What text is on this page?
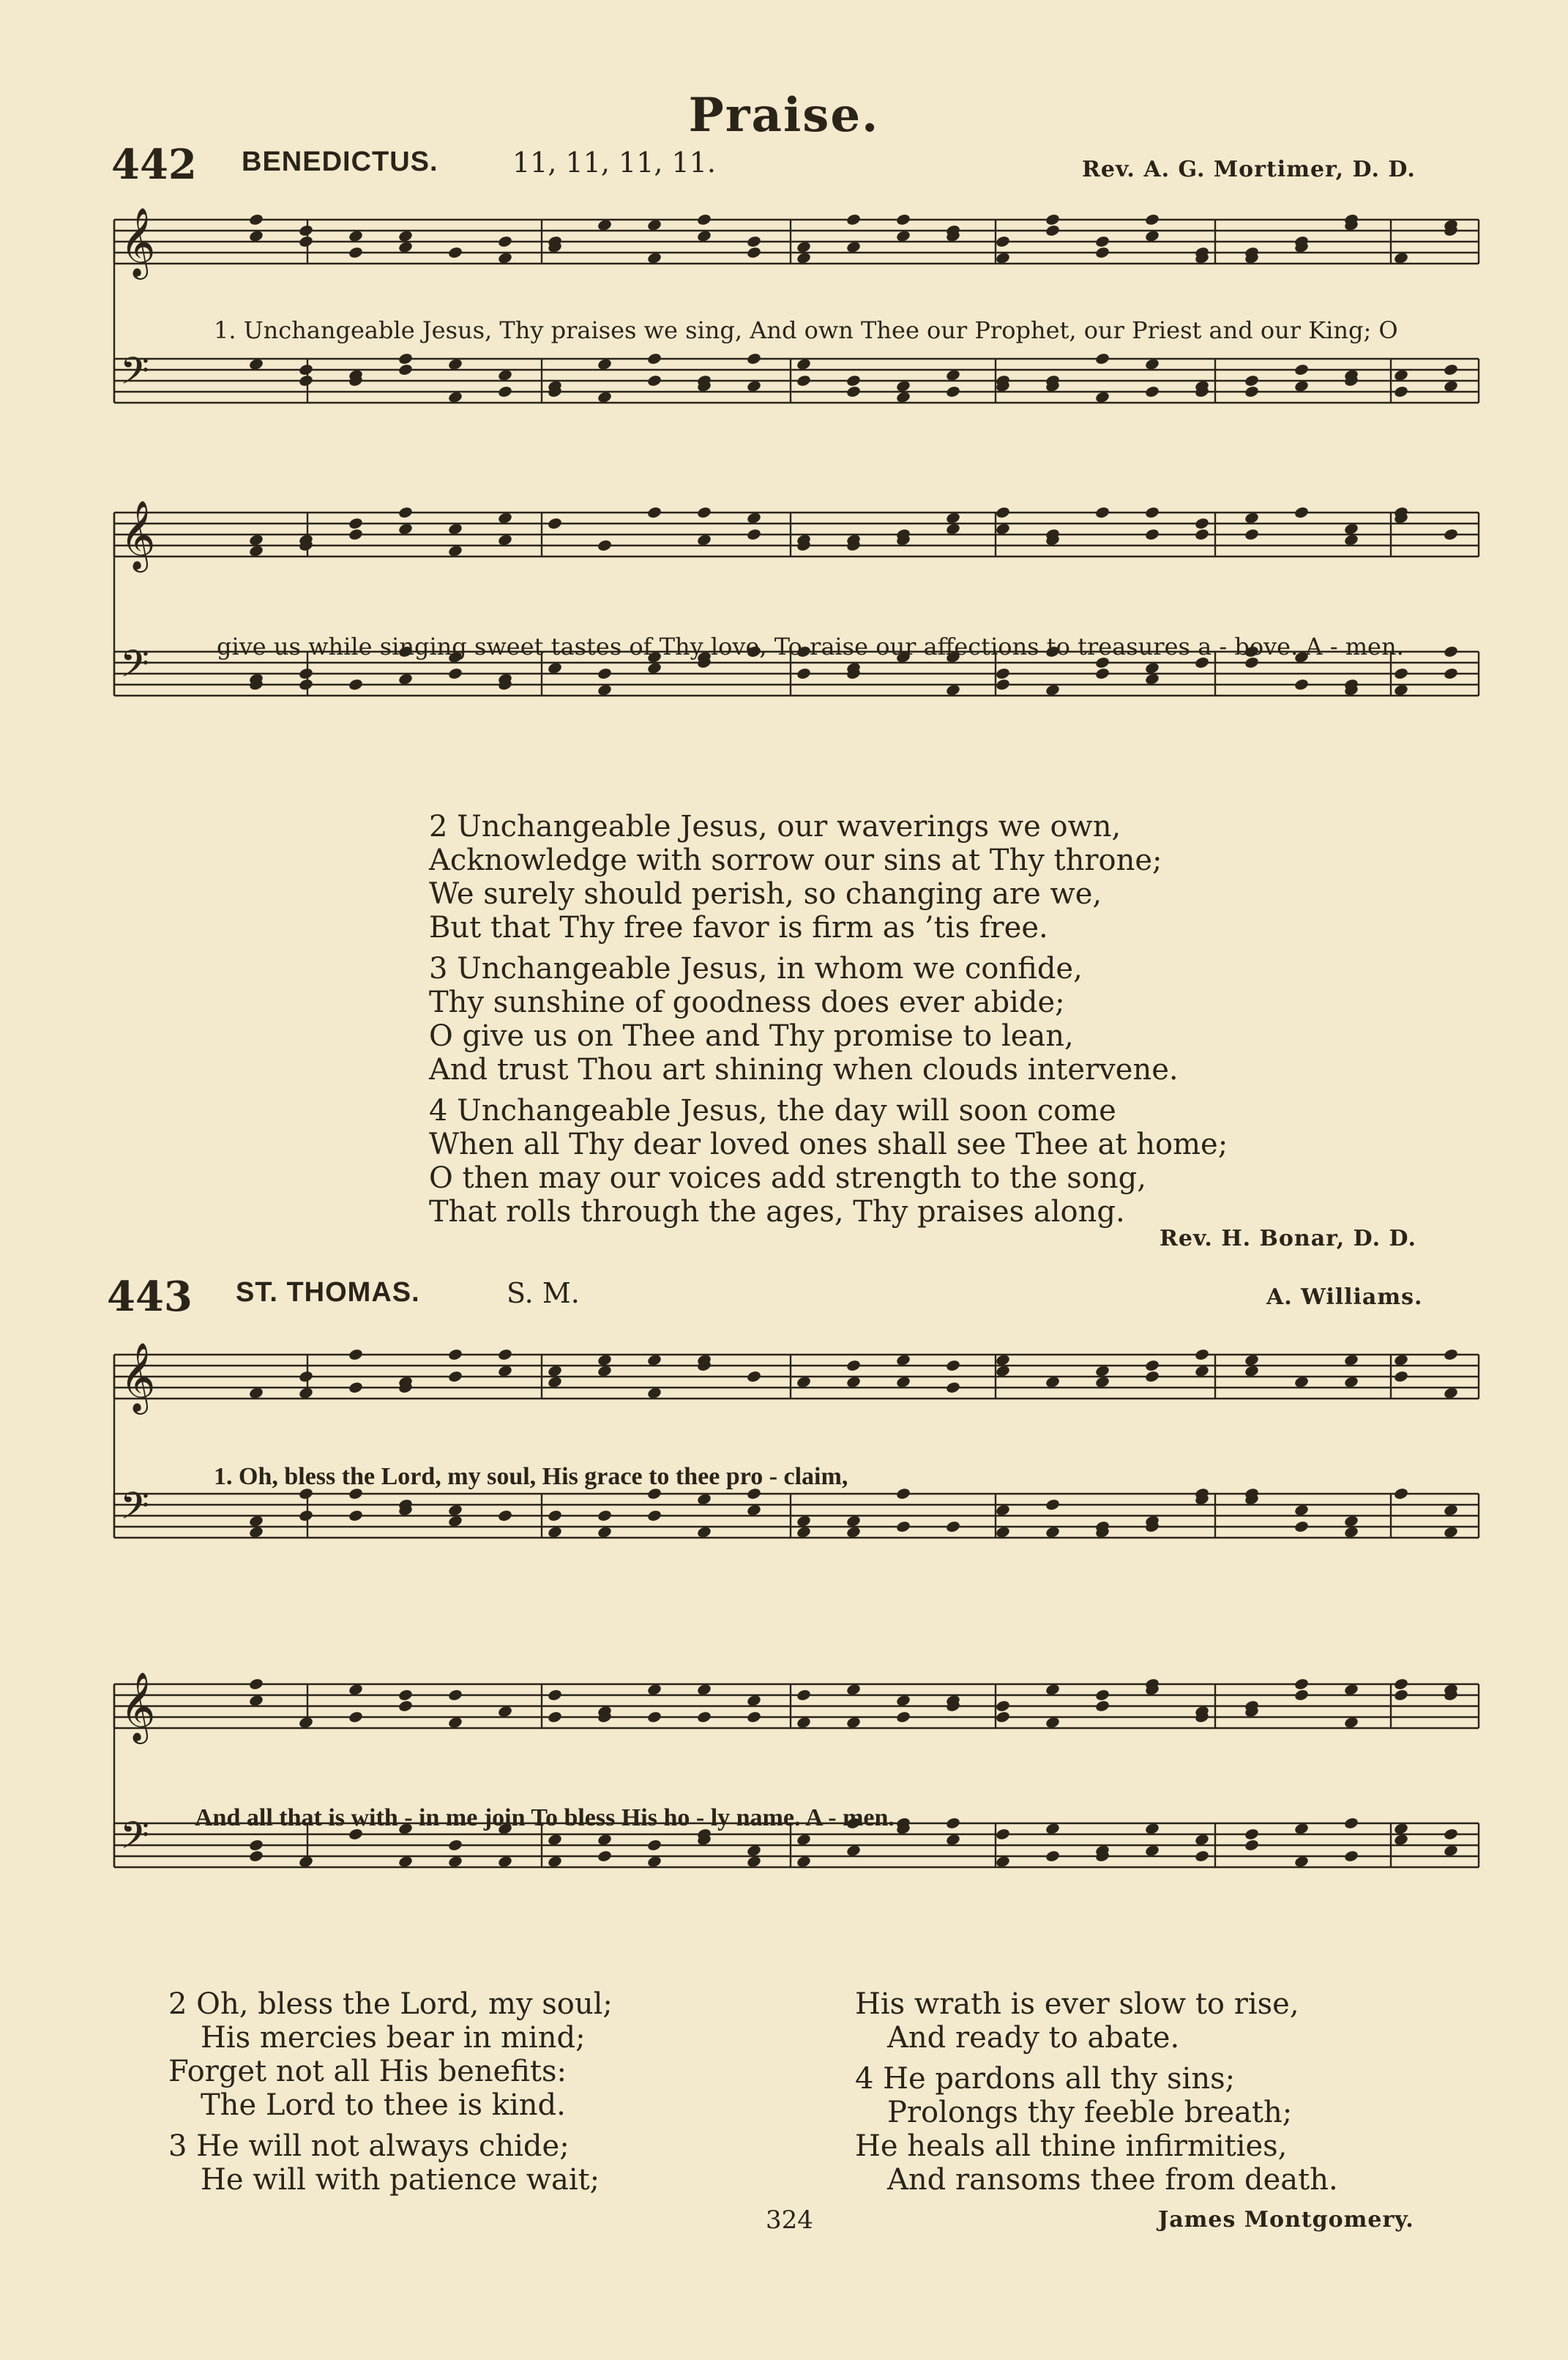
Praise.
442 BENEDICTUS.	11, 11, 11, 11.	Rev. A. G. Mortimer, D. D.
𝄞
𝄢
𝄞
𝄢
1. Unchangeable Jesus, Thy praises we sing, And own Thee our Prophet, our Priest and our King; O
give us while singing sweet tastes of Thy love, To raise our affections to treasures a - bove. A - men.
2 Unchangeable Jesus, our waverings we own,
Acknowledge with sorrow our sins at Thy throne;
We surely should perish, so changing are we,
But that Thy free favor is firm as ’tis free.
3 Unchangeable Jesus, in whom we confide,
Thy sunshine of goodness does ever abide;
O give us on Thee and Thy promise to lean,
And trust Thou art shining when clouds intervene.
4 Unchangeable Jesus, the day will soon come
When all Thy dear loved ones shall see Thee at home;
O then may our voices add strength to the song,
That rolls through the ages, Thy praises along.
Rev. H. Bonar, D. D.
443 ST. THOMAS.	S. M.	A. Williams.
𝄞
𝄢
𝄞
𝄢
1. Oh, bless the Lord, my soul, His grace to thee pro - claim,
And all that is with - in me join To bless His ho - ly name. A - men.
2 Oh, bless the Lord, my soul;
His mercies bear in mind;
Forget not all His benefits:
The Lord to thee is kind.
3 He will not always chide;
He will with patience wait;
His wrath is ever slow to rise,
And ready to abate.
4 He pardons all thy sins;
Prolongs thy feeble breath;
He heals all thine infirmities,
And ransoms thee from death.
324	James Montgomery.
